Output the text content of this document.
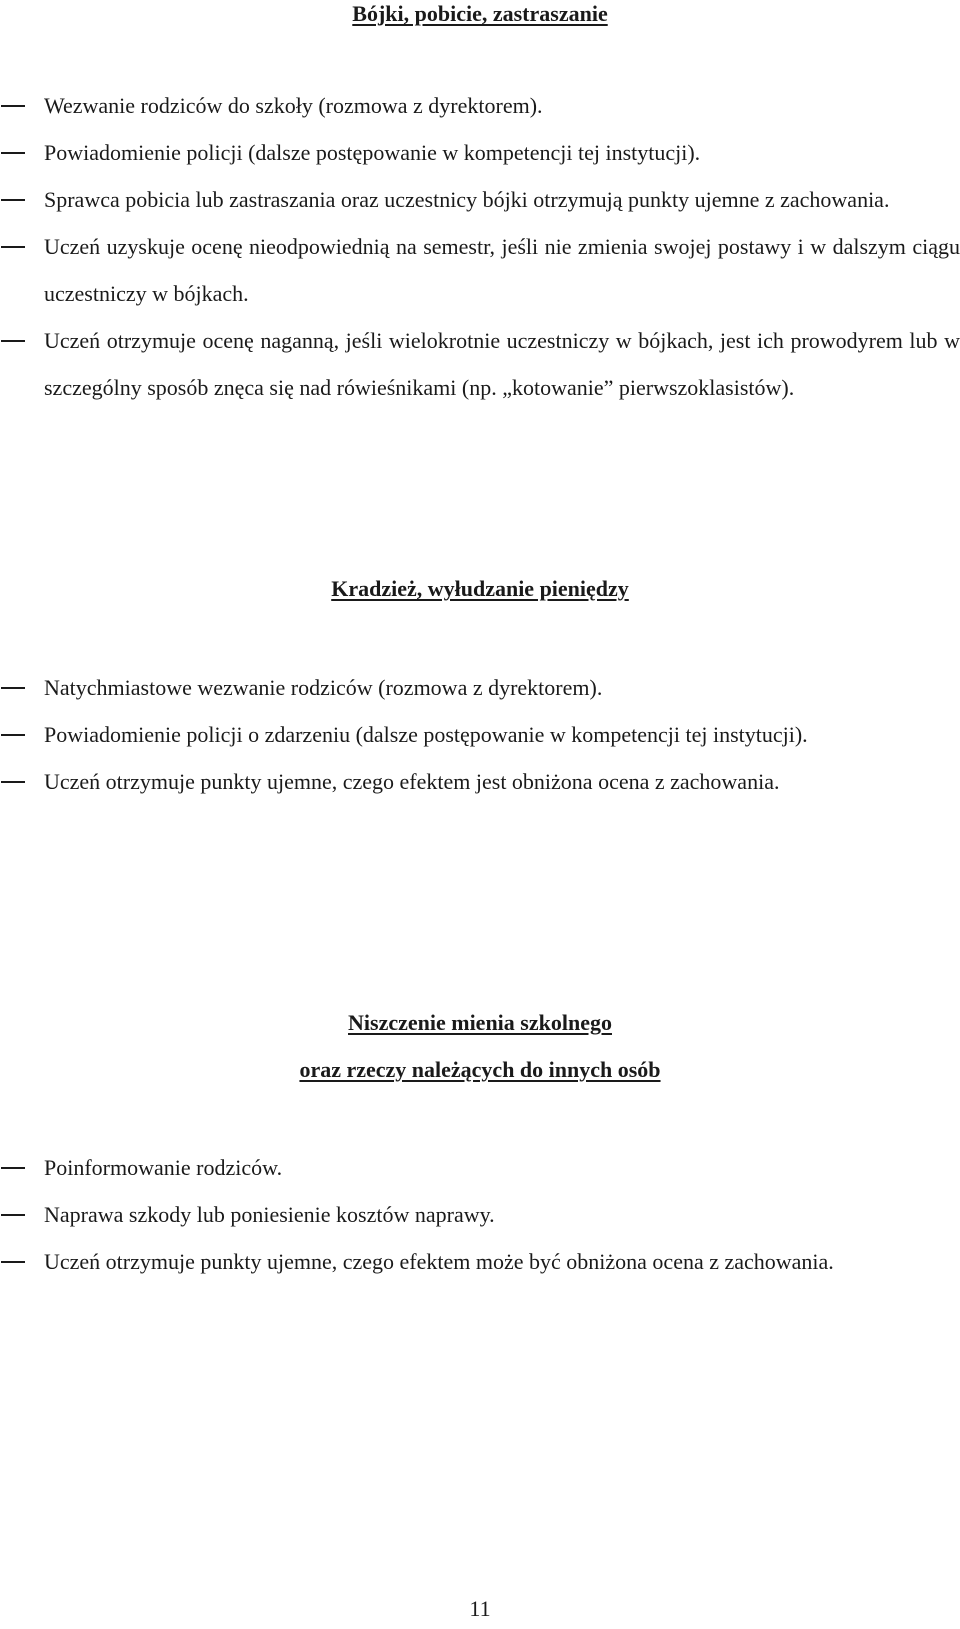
Bójki, pobicie, zastraszanie
Wezwanie rodziców do szkoły (rozmowa z dyrektorem).
Powiadomienie policji (dalsze postępowanie w kompetencji tej instytucji).
Sprawca pobicia lub zastraszania oraz uczestnicy bójki otrzymują punkty ujemne z zachowania.
Uczeń uzyskuje ocenę nieodpowiednią na semestr, jeśli nie zmienia swojej postawy i w dalszym ciągu uczestniczy w bójkach.
Uczeń otrzymuje ocenę naganną, jeśli wielokrotnie uczestniczy w bójkach, jest ich prowodyrem lub w szczególny sposób znęca się nad rówieśnikami (np. „kotowanie” pierwszoklasistów).
Kradzież, wyłudzanie pieniędzy
Natychmiastowe wezwanie rodziców (rozmowa z dyrektorem).
Powiadomienie policji o zdarzeniu (dalsze postępowanie w kompetencji tej instytucji).
Uczeń otrzymuje punkty ujemne, czego efektem jest obniżona ocena z zachowania.
Niszczenie mienia szkolnego
oraz rzeczy należących do innych osób
Poinformowanie rodziców.
Naprawa szkody lub poniesienie kosztów naprawy.
Uczeń otrzymuje punkty ujemne, czego efektem może być obniżona ocena z zachowania.

11
